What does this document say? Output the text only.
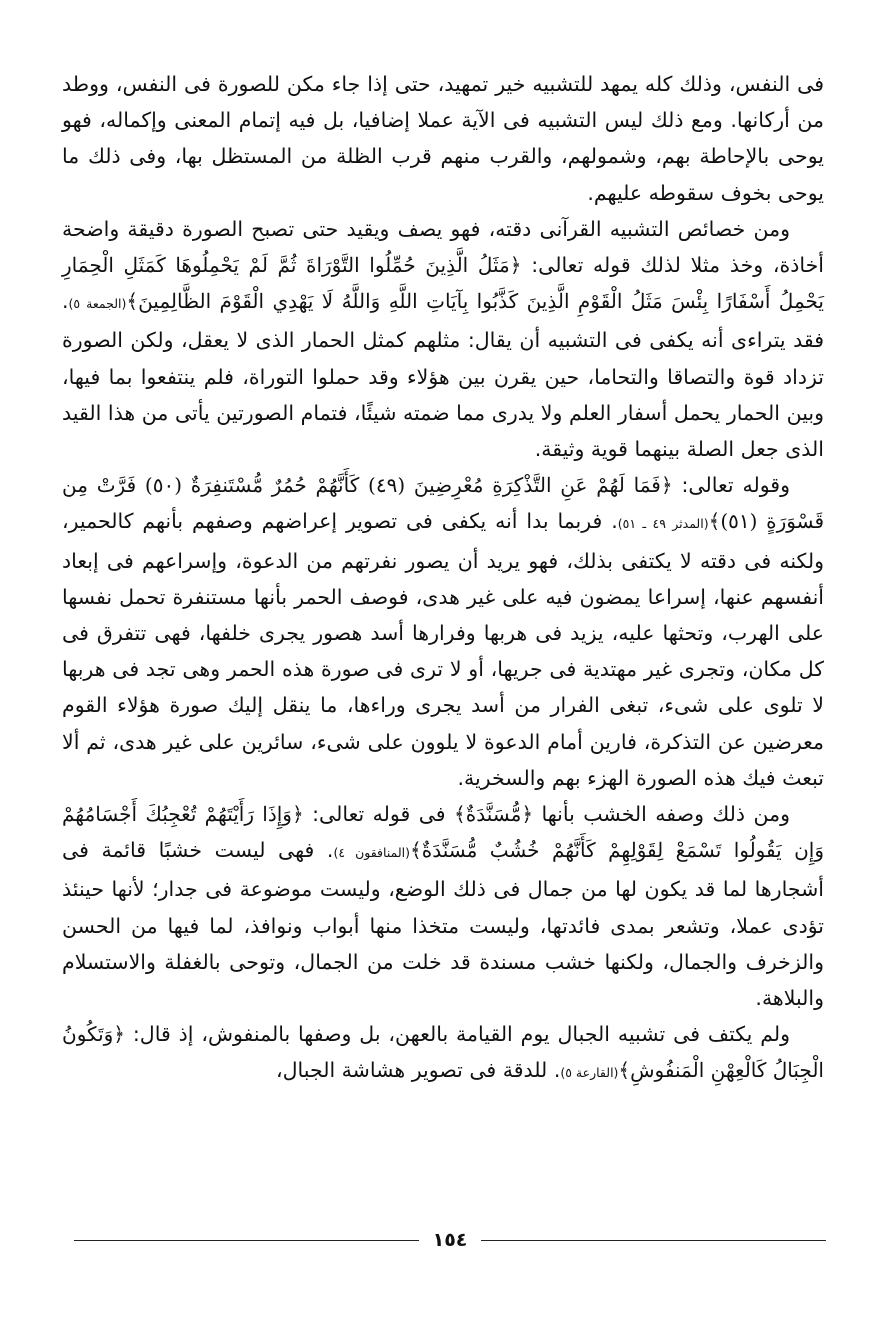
فى النفس، وذلك كله يمهد للتشبيه خير تمهيد، حتى إذا جاء مكن للصورة فى النفس، ووطد من أركانها. ومع ذلك ليس التشبيه فى الآية عملا إضافيا، بل فيه إتمام المعنى وإكماله، فهو يوحى بالإحاطة بهم، وشمولهم، والقرب منهم قرب الظلة من المستظل بها، وفى ذلك ما يوحى بخوف سقوطه عليهم.

ومن خصائص التشبيه القرآنى دقته، فهو يصف ويقيد حتى تصبح الصورة دقيقة واضحة أخاذة، وخذ مثلا لذلك قوله تعالى: ﴿مَثَلُ الَّذِينَ حُمِّلُوا التَّوْرَاةَ ثُمَّ لَمْ يَحْمِلُوهَا كَمَثَلِ الْحِمَارِ يَحْمِلُ أَسْفَارًا بِئْسَ مَثَلُ الْقَوْمِ الَّذِينَ كَذَّبُوا بِآيَاتِ اللَّهِ وَاللَّهُ لَا يَهْدِي الْقَوْمَ الظَّالِمِينَ﴾(الجمعة ٥). فقد يتراءى أنه يكفى فى التشبيه أن يقال: مثلهم كمثل الحمار الذى لا يعقل، ولكن الصورة تزداد قوة والتصاقا والتحاما، حين يقرن بين هؤلاء وقد حملوا التوراة، فلم ينتفعوا بما فيها، وبين الحمار يحمل أسفار العلم ولا يدرى مما ضمته شيئًا، فتمام الصورتين يأتى من هذا القيد الذى جعل الصلة بينهما قوية وثيقة.

وقوله تعالى: ﴿فَمَا لَهُمْ عَنِ التَّذْكِرَةِ مُعْرِضِينَ (٤٩) كَأَنَّهُمْ حُمُرٌ مُّسْتَنفِرَةٌ (٥٠) فَرَّتْ مِن قَسْوَرَةٍ (٥١)﴾(المدثر ٤٩ ـ ٥١). فربما بدا أنه يكفى فى تصوير إعراضهم وصفهم بأنهم كالحمير، ولكنه فى دقته لا يكتفى بذلك، فهو يريد أن يصور نفرتهم من الدعوة، وإسراعهم فى إبعاد أنفسهم عنها، إسراعا يمضون فيه على غير هدى، فوصف الحمر بأنها مستنفرة تحمل نفسها على الهرب، وتحثها عليه، يزيد فى هربها وفرارها أسد هصور يجرى خلفها، فهى تتفرق فى كل مكان، وتجرى غير مهتدية فى جريها، أو لا ترى فى صورة هذه الحمر وهى تجد فى هربها لا تلوى على شىء، تبغى الفرار من أسد يجرى وراءها، ما ينقل إليك صورة هؤلاء القوم معرضين عن التذكرة، فارين أمام الدعوة لا يلوون على شىء، سائرين على غير هدى، ثم ألا تبعث فيك هذه الصورة الهزء بهم والسخرية.

ومن ذلك وصفه الخشب بأنها ﴿مُّسَنَّدَةٌ﴾ فى قوله تعالى: ﴿وَإِذَا رَأَيْتَهُمْ تُعْجِبُكَ أَجْسَامُهُمْ وَإِن يَقُولُوا تَسْمَعْ لِقَوْلِهِمْ كَأَنَّهُمْ خُشُبٌ مُّسَنَّدَةٌ﴾(المنافقون ٤). فهى ليست خشبًا قائمة فى أشجارها لما قد يكون لها من جمال فى ذلك الوضع، وليست موضوعة فى جدار؛ لأنها حينئذ تؤدى عملا، وتشعر بمدى فائدتها، وليست متخذا منها أبواب ونوافذ، لما فيها من الحسن والزخرف والجمال، ولكنها خشب مسندة قد خلت من الجمال، وتوحى بالغفلة والاستسلام والبلاهة.

ولم يكتف فى تشبيه الجبال يوم القيامة بالعهن، بل وصفها بالمنفوش، إذ قال: ﴿وَتَكُونُ الْجِبَالُ كَالْعِهْنِ الْمَنفُوشِ﴾(القارعة ٥). للدقة فى تصوير هشاشة الجبال،

١٥٤
